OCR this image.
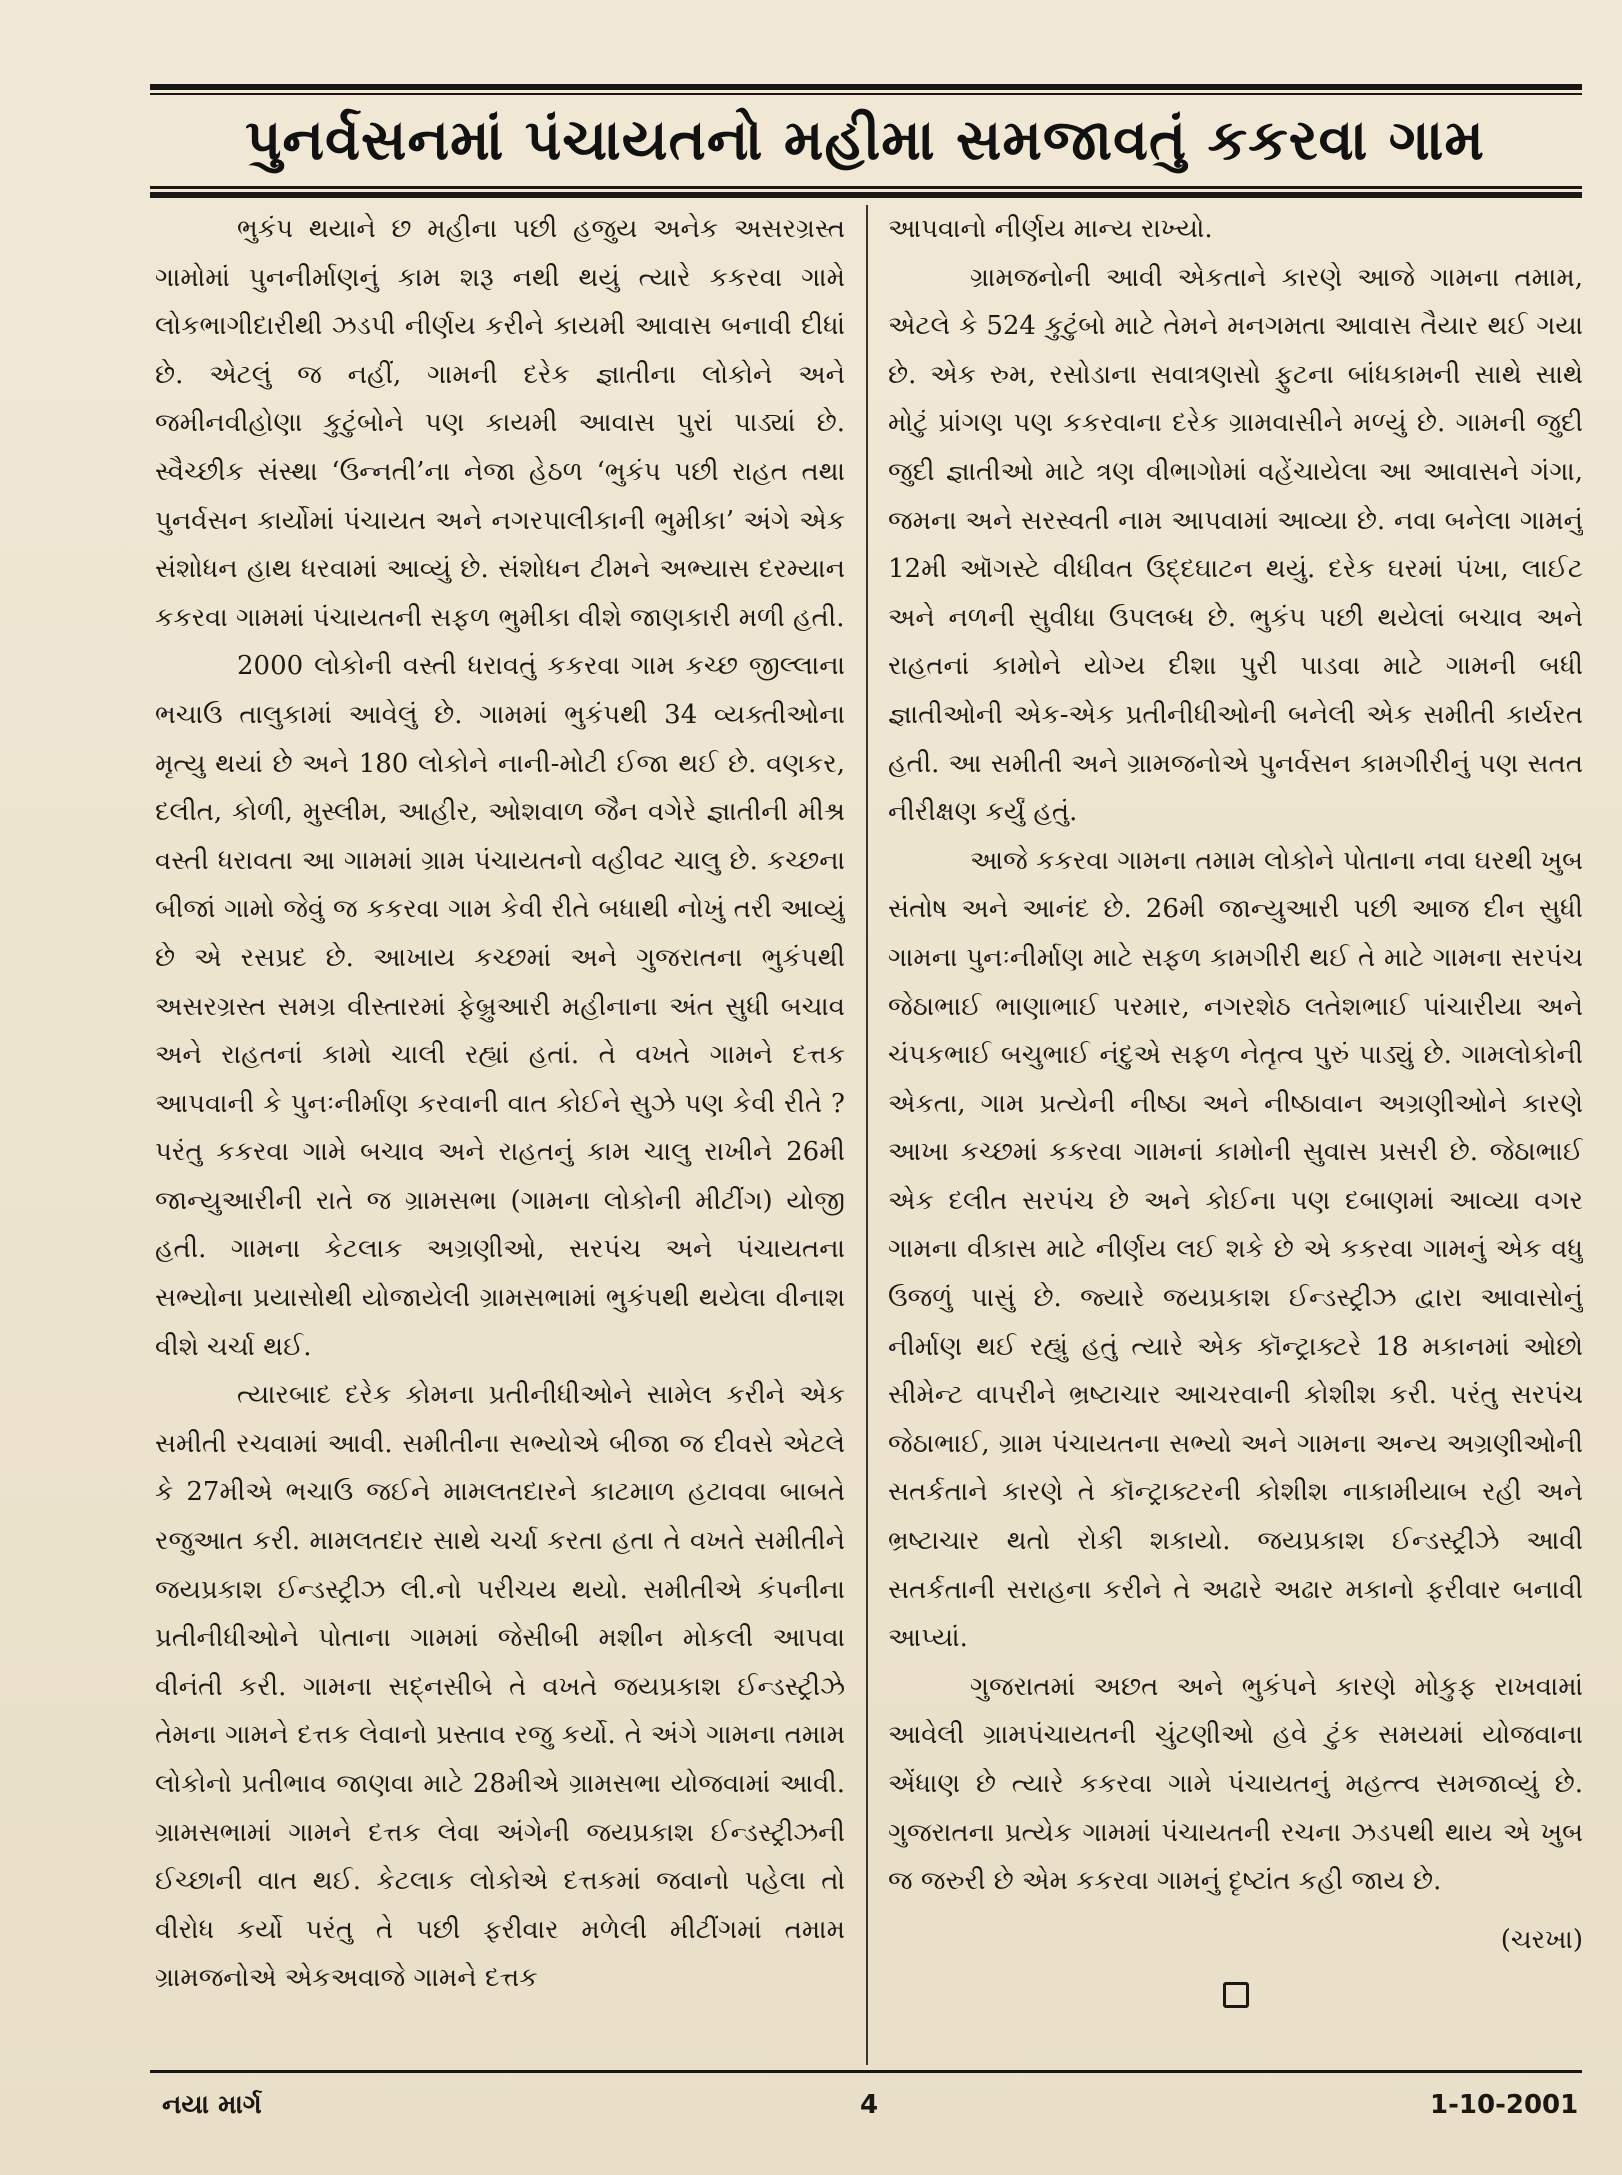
પુનર્વસનમાં પંચાયતનો મહીમા સમજાવતું કકરવા ગામ

ભુકંપ થયાને છ મહીના પછી હજુય અનેક અસરગ્રસ્ત ગામોમાં પુનનીર્માણનું કામ શરૂ નથી થયું ત્યારે કકરવા ગામે લોકભાગીદારીથી ઝડપી નીર્ણય કરીને કાયમી આવાસ બનાવી દીધાં છે. એટલું જ નહીં, ગામની દરેક જ્ઞાતીના લોકોને અને જમીનવીહોણા કુટુંબોને પણ કાયમી આવાસ પુરાં પાડ્યાં છે. સ્વૈચ્છીક સંસ્થા ‘ઉન્નતી’ના નેજા હેઠળ ‘ભુકંપ પછી રાહત તથા પુનર્વસન કાર્યોમાં પંચાયત અને નગરપાલીકાની ભુમીકા’ અંગે એક સંશોધન હાથ ધરવામાં આવ્યું છે. સંશોધન ટીમને અભ્યાસ દરમ્યાન કકરવા ગામમાં પંચાયતની સફળ ભુમીકા વીશે જાણકારી મળી હતી.

2000 લોકોની વસ્તી ધરાવતું કકરવા ગામ કચ્છ જીલ્લાના ભચાઉ તાલુકામાં આવેલું છે. ગામમાં ભુકંપથી 34 વ્યક્તીઓના મૃત્યુ થયાં છે અને 180 લોકોને નાની-મોટી ઈજા થઈ છે. વણકર, દલીત, કોળી, મુસ્લીમ, આહીર, ઓશવાળ જૈન વગેરે જ્ઞાતીની મીશ્ર વસ્તી ધરાવતા આ ગામમાં ગ્રામ પંચાયતનો વહીવટ ચાલુ છે. કચ્છના બીજાં ગામો જેવું જ કકરવા ગામ કેવી રીતે બધાથી નોખું તરી આવ્યું છે એ રસપ્રદ છે. આખાય કચ્છમાં અને ગુજરાતના ભુકંપથી અસરગ્રસ્ત સમગ્ર વીસ્તારમાં ફેબ્રુઆરી મહીનાના અંત સુધી બચાવ અને રાહતનાં કામો ચાલી રહ્યાં હતાં. તે વખતે ગામને દત્તક આપવાની કે પુનઃનીર્માણ કરવાની વાત કોઈને સુઝે પણ કેવી રીતે ? પરંતુ કકરવા ગામે બચાવ અને રાહતનું કામ ચાલુ રાખીને 26મી જાન્યુઆરીની રાતે જ ગ્રામસભા (ગામના લોકોની મીટીંગ) યોજી હતી. ગામના કેટલાક અગ્રણીઓ, સરપંચ અને પંચાયતના સભ્યોના પ્રયાસોથી યોજાયેલી ગ્રામસભામાં ભુકંપથી થયેલા વીનાશ વીશે ચર્ચા થઈ.

ત્યારબાદ દરેક કોમના પ્રતીનીધીઓને સામેલ કરીને એક સમીતી રચવામાં આવી. સમીતીના સભ્યોએ બીજા જ દીવસે એટલે કે 27મીએ ભચાઉ જઈને મામલતદારને કાટમાળ હટાવવા બાબતે રજુઆત કરી. મામલતદાર સાથે ચર્ચા કરતા હતા તે વખતે સમીતીને જયપ્રકાશ ઈન્ડસ્ટ્રીઝ લી.નો પરીચય થયો. સમીતીએ કંપનીના પ્રતીનીધીઓને પોતાના ગામમાં જેસીબી મશીન મોકલી આપવા વીનંતી કરી. ગામના સદ્નસીબે તે વખતે જયપ્રકાશ ઈન્ડસ્ટ્રીઝે તેમના ગામને દત્તક લેવાનો પ્રસ્તાવ રજુ કર્યો. તે અંગે ગામના તમામ લોકોનો પ્રતીભાવ જાણવા માટે 28મીએ ગ્રામસભા યોજવામાં આવી. ગ્રામસભામાં ગામને દત્તક લેવા અંગેની જયપ્રકાશ ઈન્ડસ્ટ્રીઝની ઈચ્છાની વાત થઈ. કેટલાક લોકોએ દત્તકમાં જવાનો પહેલા તો વીરોધ કર્યો પરંતુ તે પછી ફરીવાર મળેલી મીટીંગમાં તમામ ગ્રામજનોએ એકઅવાજે ગામને દત્તક

આપવાનો નીર્ણય માન્ય રાખ્યો.

ગ્રામજનોની આવી એકતાને કારણે આજે ગામના તમામ, એટલે કે 524 કુટુંબો માટે તેમને મનગમતા આવાસ તૈયાર થઈ ગયા છે. એક રુમ, રસોડાના સવાત્રણસો ફુટના બાંધકામની સાથે સાથે મોટું પ્રાંગણ પણ કકરવાના દરેક ગ્રામવાસીને મળ્યું છે. ગામની જુદી જુદી જ્ઞાતીઓ માટે ત્રણ વીભાગોમાં વહેંચાયેલા આ આવાસને ગંગા, જમના અને સરસ્વતી નામ આપવામાં આવ્યા છે. નવા બનેલા ગામનું 12મી ઑગસ્ટે વીધીવત ઉદ્દઘાટન થયું. દરેક ઘરમાં પંખા, લાઈટ અને નળની સુવીધા ઉપલબ્ધ છે. ભુકંપ પછી થયેલાં બચાવ અને રાહતનાં કામોને યોગ્ય દીશા પુરી પાડવા માટે ગામની બધી જ્ઞાતીઓની એક-એક પ્રતીનીધીઓની બનેલી એક સમીતી કાર્યરત હતી. આ સમીતી અને ગ્રામજનોએ પુનર્વસન કામગીરીનું પણ સતત નીરીક્ષણ કર્યું હતું.

આજે કકરવા ગામના તમામ લોકોને પોતાના નવા ઘરથી ખુબ સંતોષ અને આનંદ છે. 26મી જાન્યુઆરી પછી આજ દીન સુધી ગામના પુનઃનીર્માણ માટે સફળ કામગીરી થઈ તે માટે ગામના સરપંચ જેઠાભાઈ ભાણાભાઈ પરમાર, નગરશેઠ લતેશભાઈ પાંચારીયા અને ચંપકભાઈ બચુભાઈ નંદુએ સફળ નેતૃત્વ પુરું પાડ્યું છે. ગામલોકોની એકતા, ગામ પ્રત્યેની નીષ્ઠા અને નીષ્ઠાવાન અગ્રણીઓને કારણે આખા કચ્છમાં કકરવા ગામનાં કામોની સુવાસ પ્રસરી છે. જેઠાભાઈ એક દલીત સરપંચ છે અને કોઈના પણ દબાણમાં આવ્યા વગર ગામના વીકાસ માટે નીર્ણય લઈ શકે છે એ કકરવા ગામનું એક વધુ ઉજળું પાસું છે. જ્યારે જયપ્રકાશ ઈન્ડસ્ટ્રીઝ દ્વારા આવાસોનું નીર્માણ થઈ રહ્યું હતું ત્યારે એક કૉન્ટ્રાક્ટરે 18 મકાનમાં ઓછો સીમેન્ટ વાપરીને ભ્રષ્ટાચાર આચરવાની કોશીશ કરી. પરંતુ સરપંચ જેઠાભાઈ, ગ્રામ પંચાયતના સભ્યો અને ગામના અન્ય અગ્રણીઓની સતર્કતાને કારણે તે કૉન્ટ્રાક્ટરની કોશીશ નાકામીયાબ રહી અને ભ્રષ્ટાચાર થતો રોકી શકાયો. જયપ્રકાશ ઈન્ડસ્ટ્રીઝે આવી સતર્કતાની સરાહના કરીને તે અઢારે અઢાર મકાનો ફરીવાર બનાવી આપ્યાં.

ગુજરાતમાં અછત અને ભુકંપને કારણે મોકુફ રાખવામાં આવેલી ગ્રામપંચાયતની ચુંટણીઓ હવે ટુંક સમયમાં યોજવાના એંધાણ છે ત્યારે કકરવા ગામે પંચાયતનું મહત્ત્વ સમજાવ્યું છે. ગુજરાતના પ્રત્યેક ગામમાં પંચાયતની રચના ઝડપથી થાય એ ખુબ જ જરુરી છે એમ કકરવા ગામનું દૃષ્ટાંત કહી જાય છે.

(ચરખા)
નયા માર્ગ	4	1-10-2001
